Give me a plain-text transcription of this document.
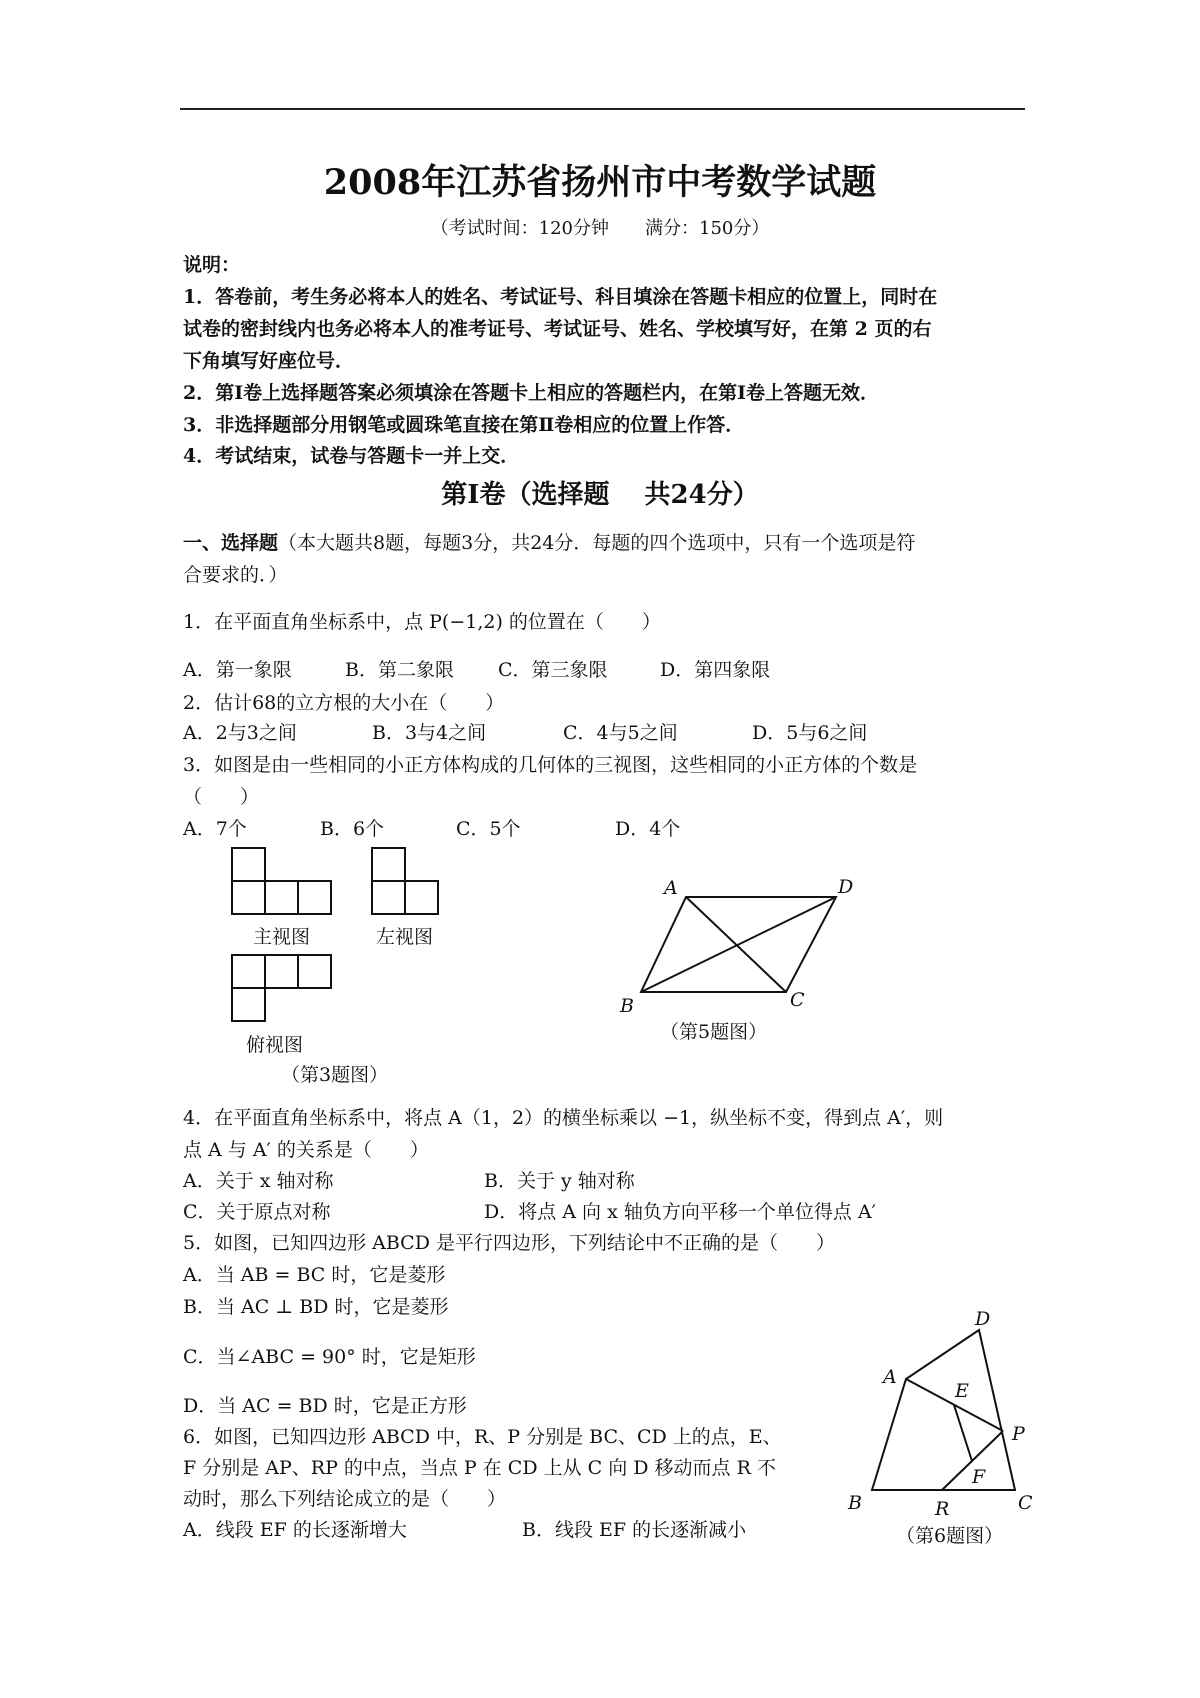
2008年江苏省扬州市中考数学试题
（考试时间：120分钟　　满分：150分）
说明：
1．答卷前，考生务必将本人的姓名、考试证号、科目填涂在答题卡相应的位置上，同时在
试卷的密封线内也务必将本人的准考证号、考试证号、姓名、学校填写好，在第 2 页的右
下角填写好座位号．
2．第Ⅰ卷上选择题答案必须填涂在答题卡上相应的答题栏内，在第Ⅰ卷上答题无效．
3．非选择题部分用钢笔或圆珠笔直接在第Ⅱ卷相应的位置上作答．
4．考试结束，试卷与答题卡一并上交．
第Ⅰ卷（选择题　 共24分）
一、选择题（本大题共8题，每题3分，共24分．每题的四个选项中，只有一个选项是符
合要求的．）
1．在平面直角坐标系中，点 P(−1,2) 的位置在（　　）
A．第一象限	B．第二象限 C．第三象限	D．第四象限
2．估计68的立方根的大小在（　　）
A．2与3之间	B．3与4之间	C．4与5之间	D．5与6之间
3．如图是由一些相同的小正方体构成的几何体的三视图，这些相同的小正方体的个数是
（　　）
A．7个	B．6个	C．5个	D．4个
主视图	左视图
俯视图
（第3题图）
A	D
B	C
（第5题图）
4．在平面直角坐标系中，将点 A（1，2）的横坐标乘以 −1，纵坐标不变，得到点 A′，则
点 A 与 A′ 的关系是（　　）
A．关于 x 轴对称	B．关于 y 轴对称
C．关于原点对称	D．将点 A 向 x 轴负方向平移一个单位得点 A′
5．如图，已知四边形 ABCD 是平行四边形，下列结论中不正确的是（　　）
A．当 AB = BC 时，它是菱形
B．当 AC ⊥ BD 时，它是菱形
C．当∠ABC = 90° 时，它是矩形
D．当 AC = BD 时，它是正方形
6．如图，已知四边形 ABCD 中，R、P 分别是 BC、CD 上的点，E、
F 分别是 AP、RP 的中点，当点 P 在 CD 上从 C 向 D 移动而点 R 不
动时，那么下列结论成立的是（　　）
A．线段 EF 的长逐渐增大	B．线段 EF 的长逐渐减小
D
A
E
P
F
B	R	C
（第6题图）
